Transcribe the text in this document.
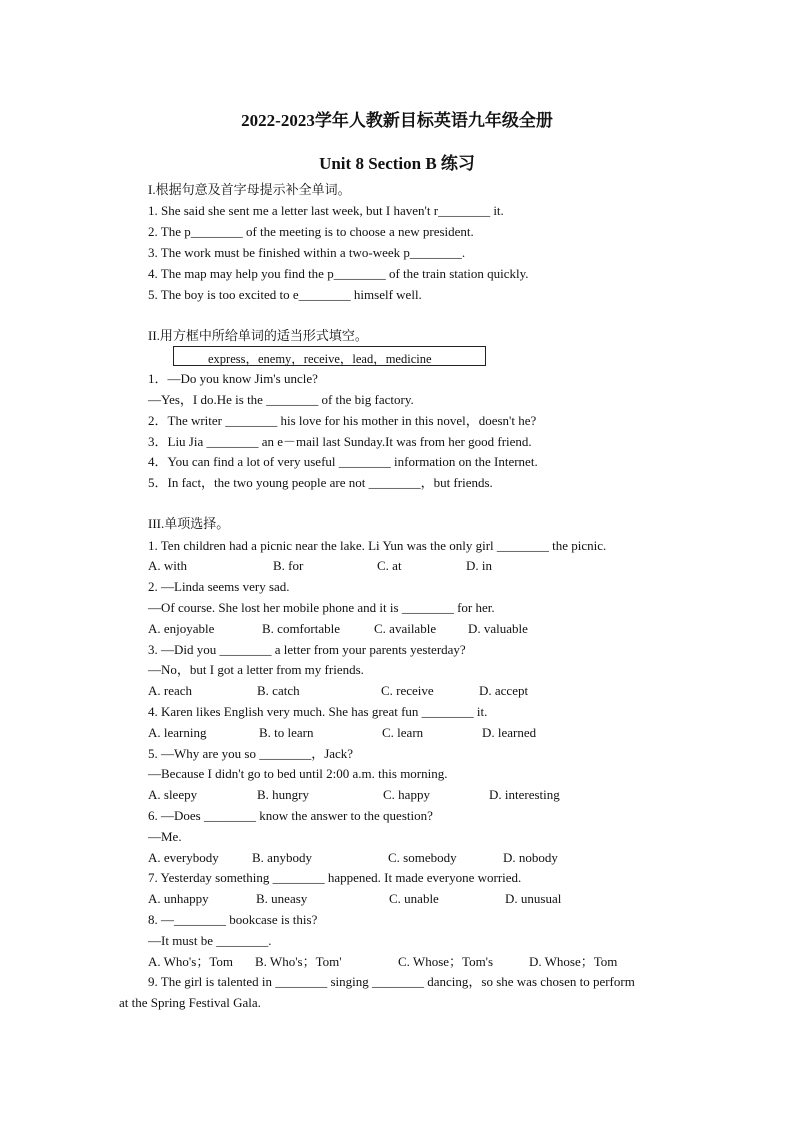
2022-2023学年人教新目标英语九年级全册
Unit 8 Section B 练习
I.根据句意及首字母提示补全单词。
1. She said she sent me a letter last week, but I haven't r________ it.
2. The p________ of the meeting is to choose a new president.
3. The work must be finished within a two-week p________.
4. The map may help you find the p________ of the train station quickly.
5. The boy is too excited to e________ himself well.
II.用方框中所给单词的适当形式填空。
express，enemy，receive，lead，medicine
1．—Do you know Jim's uncle?
—Yes，I do.He is the ________ of the big factory.
2．The writer ________ his love for his mother in this novel，doesn't he?
3．Liu Jia ________ an e－mail last Sunday.It was from her good friend.
4．You can find a lot of very useful ________ information on the Internet.
5．In fact，the two young people are not ________，but friends.
III.单项选择。
1. Ten children had a picnic near the lake. Li Yun was the only girl ________ the picnic.
A. with	B. for	C. at	D. in
2. —Linda seems very sad.
—Of course. She lost her mobile phone and it is ________ for her.
A. enjoyable	B. comfortable	C. available D. valuable
3. —Did you ________ a letter from your parents yesterday?
—No，but I got a letter from my friends.
A. reach	B. catch	C. receive	D. accept
4. Karen likes English very much. She has great fun ________ it.
A. learning	B. to learn	C. learn	D. learned
5. —Why are you so ________，Jack?
—Because I didn't go to bed until 2:00 a.m. this morning.
A. sleepy	B. hungry	C. happy	D. interesting
6. —Does ________ know the answer to the question?
—Me.
A. everybody	B. anybody	C. somebody	D. nobody
7. Yesterday something ________ happened. It made everyone worried.
A. unhappy	B. uneasy	C. unable	D. unusual
8. —________ bookcase is this?
—It must be ________.
A. Who's；Tom B. Who's；Tom'	C. Whose；Tom's	D. Whose；Tom
9. The girl is talented in ________ singing ________ dancing，so she was chosen to perform
at the Spring Festival Gala.
